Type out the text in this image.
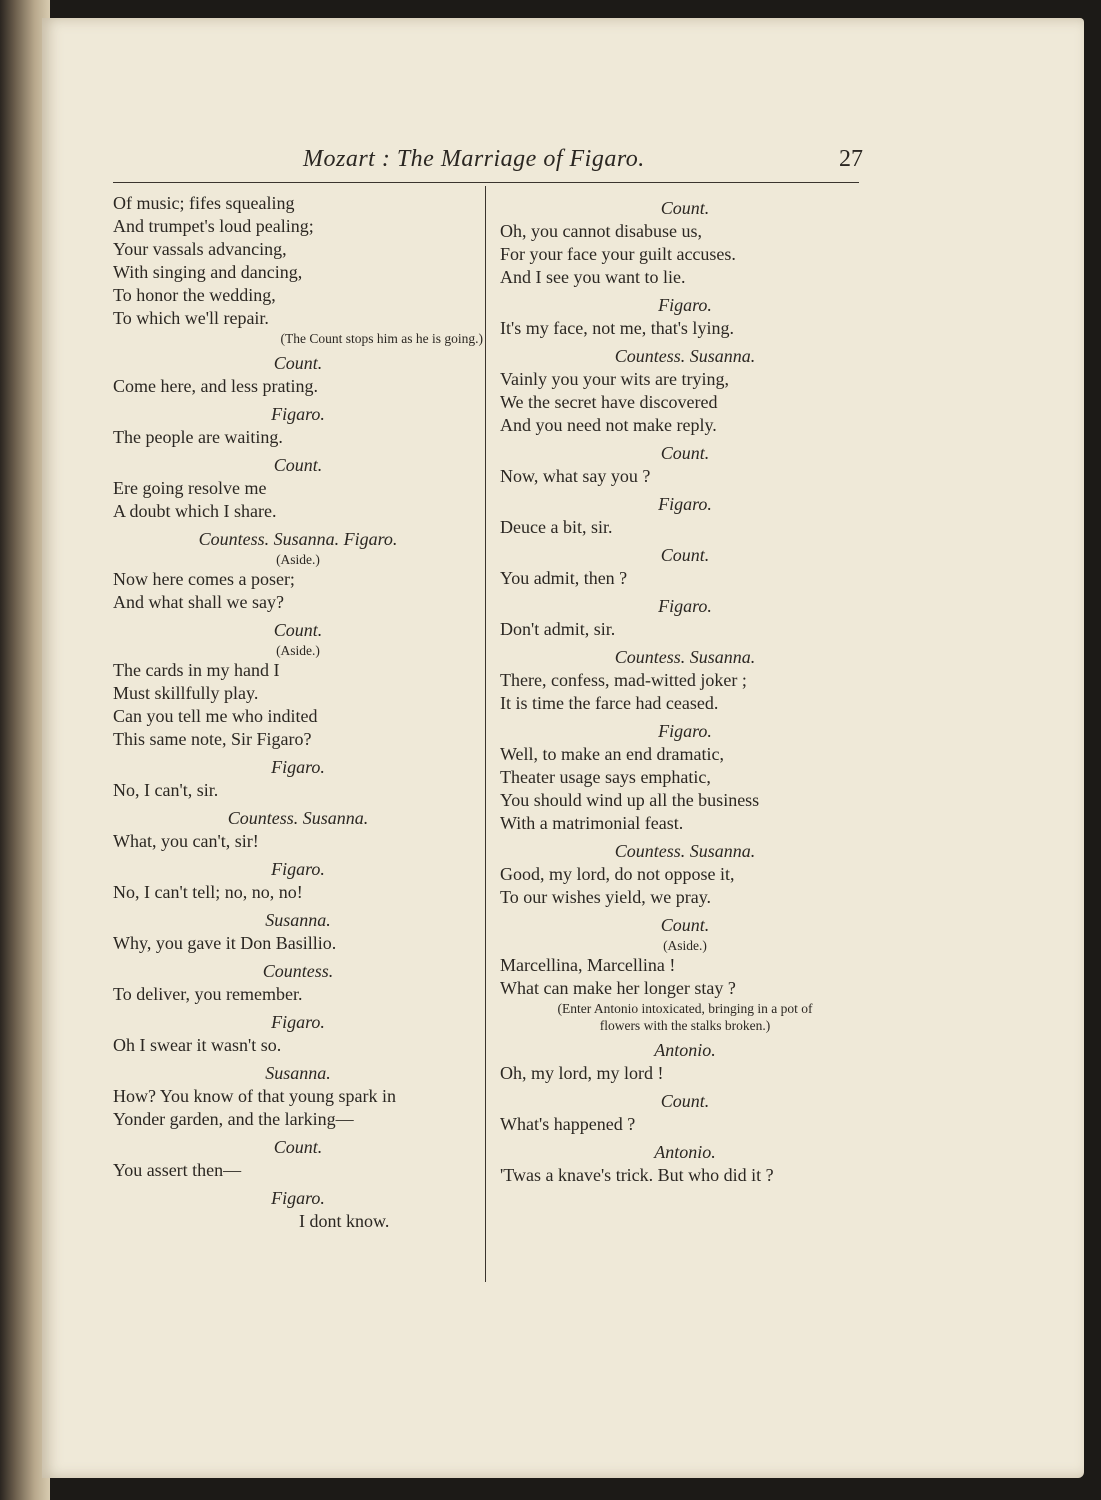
Mozart : The Marriage of Figaro.	27
Of music; fifes squealing
And trumpet's loud pealing;
Your vassals advancing,
With singing and dancing,
To honor the wedding,
To which we'll repair.
(The Count stops him as he is going.)
Count.
Come here, and less prating.
Figaro.
The people are waiting.
Count.
Ere going resolve me
A doubt which I share.
Countess. Susanna. Figaro.
(Aside.)
Now here comes a poser;
And what shall we say?
Count.
(Aside.)
The cards in my hand I
Must skillfully play.
Can you tell me who indited
This same note, Sir Figaro?
Figaro.
No, I can't, sir.
Countess. Susanna.
What, you can't, sir!
Figaro.
No, I can't tell; no, no, no!
Susanna.
Why, you gave it Don Basillio.
Countess.
To deliver, you remember.
Figaro.
Oh I swear it wasn't so.
Susanna.
How? You know of that young spark in
Yonder garden, and the larking—
Count.
You assert then—
Figaro.
I dont know.
Count.
Oh, you cannot disabuse us,
For your face your guilt accuses.
And I see you want to lie.
Figaro.
It's my face, not me, that's lying.
Countess. Susanna.
Vainly you your wits are trying,
We the secret have discovered
And you need not make reply.
Count.
Now, what say you ?
Figaro.
Deuce a bit, sir.
Count.
You admit, then ?
Figaro.
Don't admit, sir.
Countess. Susanna.
There, confess, mad-witted joker ;
It is time the farce had ceased.
Figaro.
Well, to make an end dramatic,
Theater usage says emphatic,
You should wind up all the business
With a matrimonial feast.
Countess. Susanna.
Good, my lord, do not oppose it,
To our wishes yield, we pray.
Count.
(Aside.)
Marcellina, Marcellina !
What can make her longer stay ?
(Enter Antonio intoxicated, bringing in a pot of
flowers with the stalks broken.)
Antonio.
Oh, my lord, my lord !
Count.
What's happened ?
Antonio.
'Twas a knave's trick. But who did it ?
